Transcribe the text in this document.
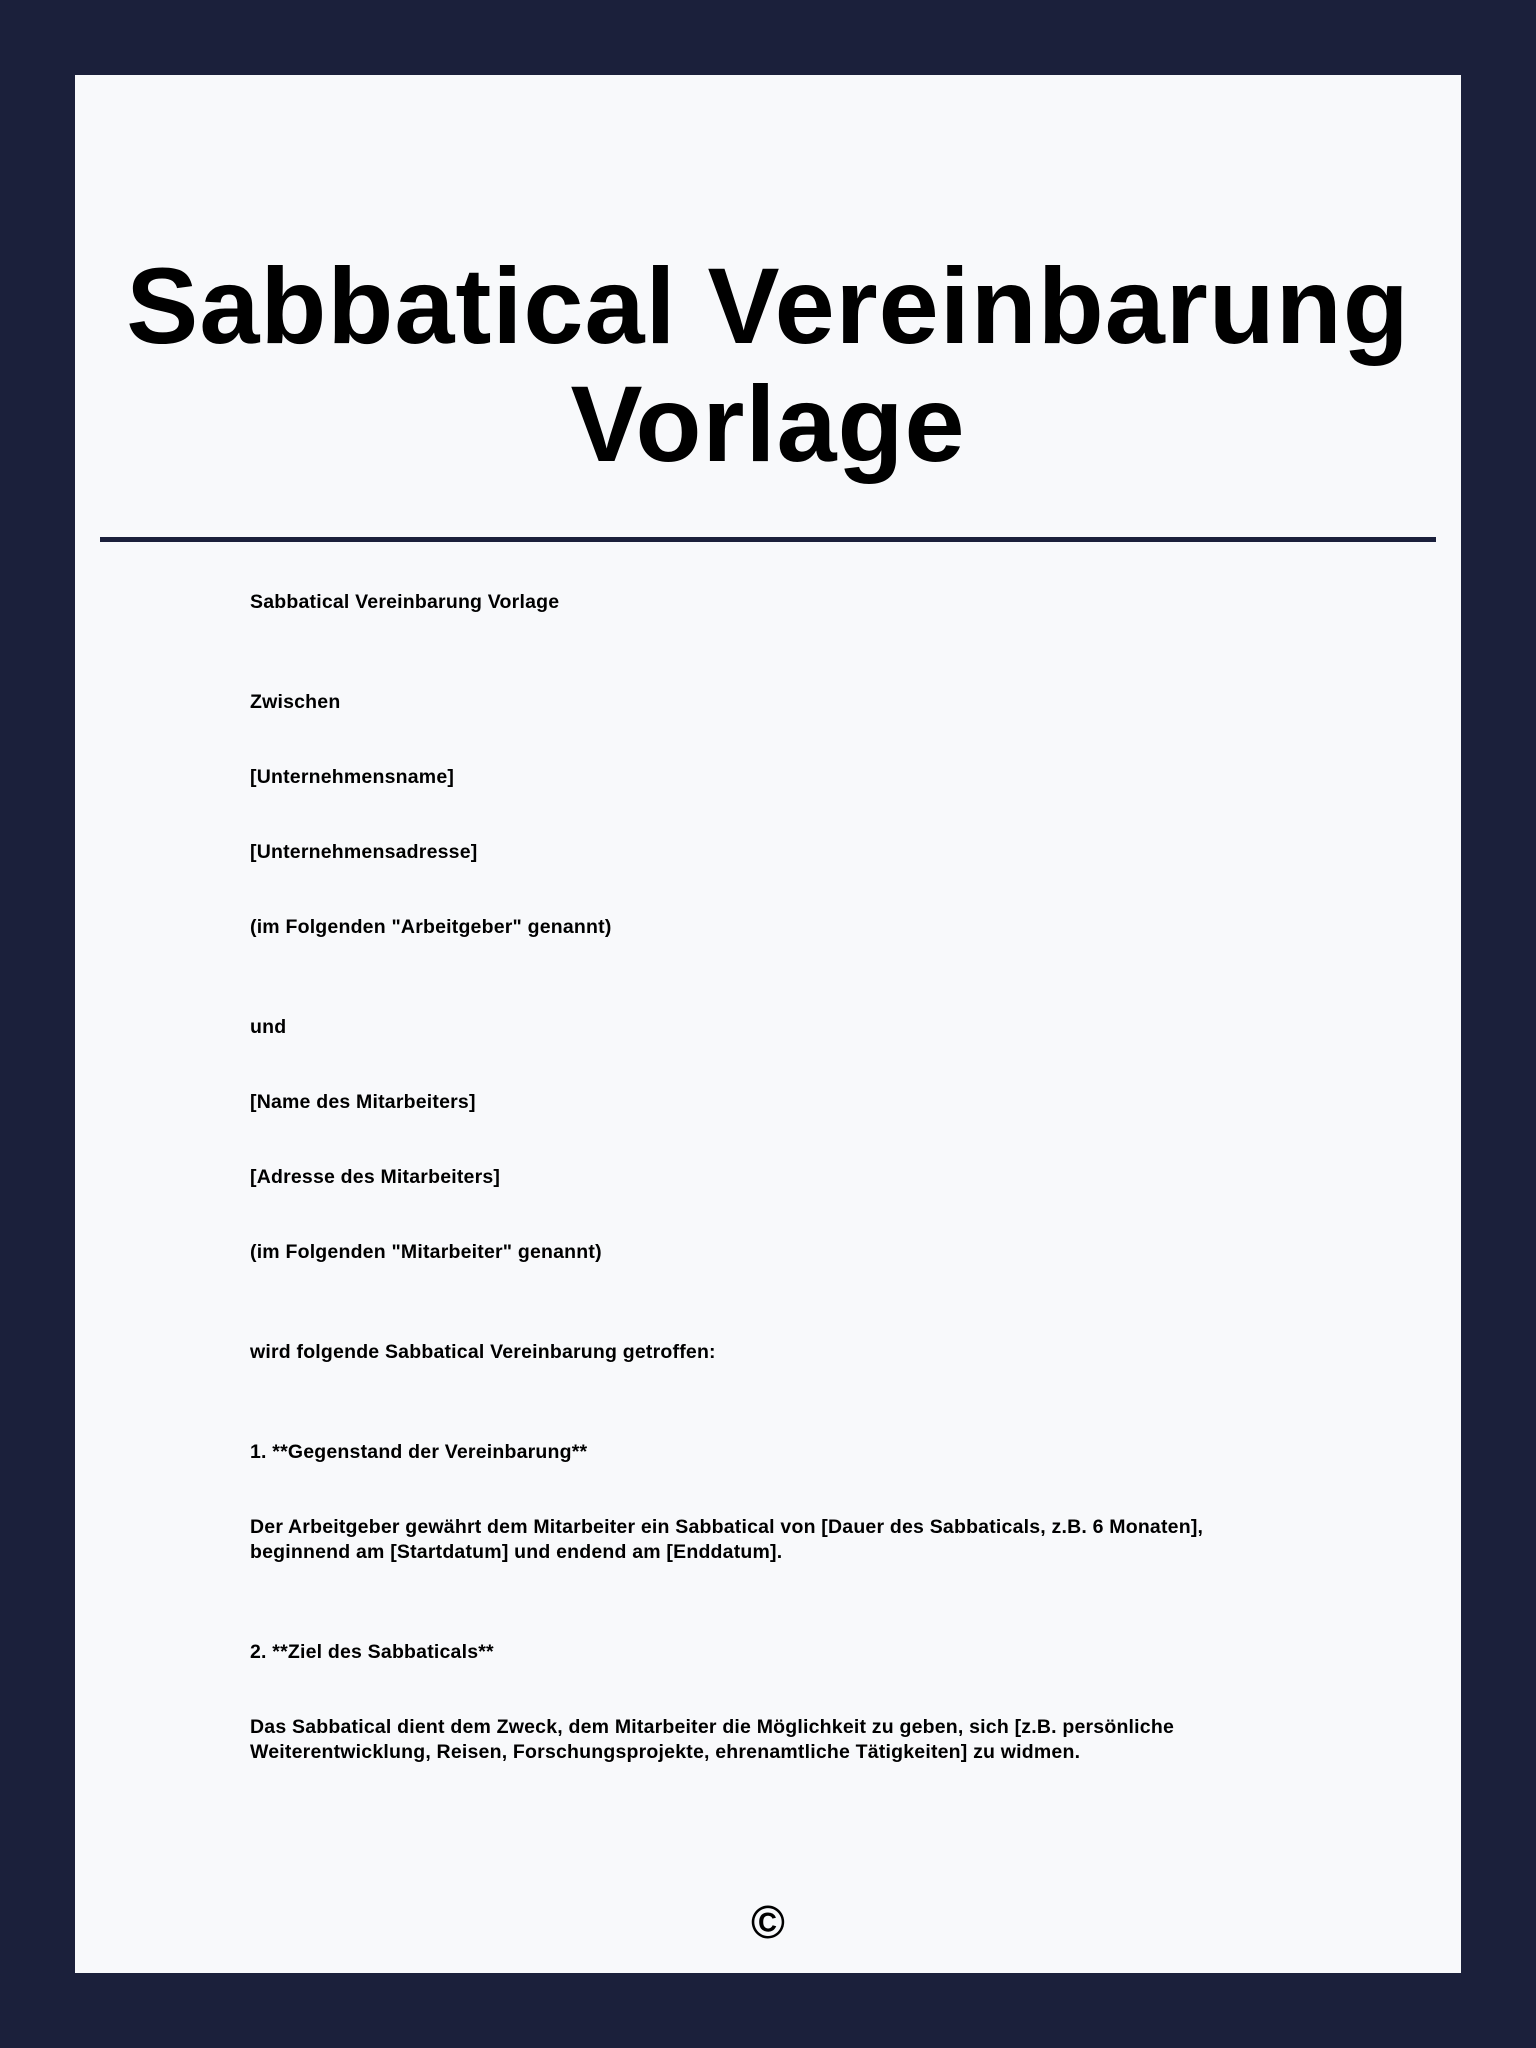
Sabbatical Vereinbarung
Vorlage

Sabbatical Vereinbarung Vorlage

Zwischen

[Unternehmensname]

[Unternehmensadresse]

(im Folgenden "Arbeitgeber" genannt)

und

[Name des Mitarbeiters]

[Adresse des Mitarbeiters]

(im Folgenden "Mitarbeiter" genannt)

wird folgende Sabbatical Vereinbarung getroffen:

1. **Gegenstand der Vereinbarung**

Der Arbeitgeber gewährt dem Mitarbeiter ein Sabbatical von [Dauer des Sabbaticals, z.B. 6 Monaten], beginnend am [Startdatum] und endend am [Enddatum].

2. **Ziel des Sabbaticals**

Das Sabbatical dient dem Zweck, dem Mitarbeiter die Möglichkeit zu geben, sich [z.B. persönliche Weiterentwicklung, Reisen, Forschungsprojekte, ehrenamtliche Tätigkeiten] zu widmen.

©
